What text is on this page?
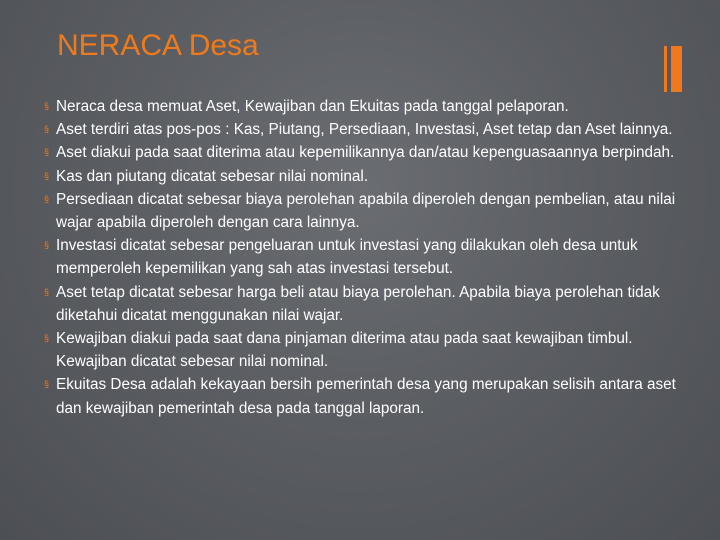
NERACA Desa
§ Neraca desa memuat Aset, Kewajiban dan Ekuitas pada tanggal pelaporan.
§ Aset terdiri atas pos-pos : Kas, Piutang, Persediaan, Investasi, Aset tetap dan Aset lainnya.
§ Aset diakui pada saat diterima atau kepemilikannya dan/atau kepenguasaannya berpindah.
§ Kas dan piutang dicatat sebesar nilai nominal.
§ Persediaan dicatat sebesar biaya perolehan apabila diperoleh dengan pembelian, atau nilai wajar apabila diperoleh dengan cara lainnya.
§ Investasi dicatat sebesar pengeluaran untuk investasi yang dilakukan oleh desa untuk memperoleh kepemilikan yang sah atas investasi tersebut.
§ Aset tetap dicatat sebesar harga beli atau biaya perolehan. Apabila biaya perolehan tidak diketahui dicatat menggunakan nilai wajar.
§ Kewajiban diakui pada saat dana pinjaman diterima atau pada saat kewajiban timbul. Kewajiban dicatat sebesar nilai nominal.
§ Ekuitas Desa adalah kekayaan bersih pemerintah desa yang merupakan selisih antara aset dan kewajiban pemerintah desa pada tanggal laporan.
